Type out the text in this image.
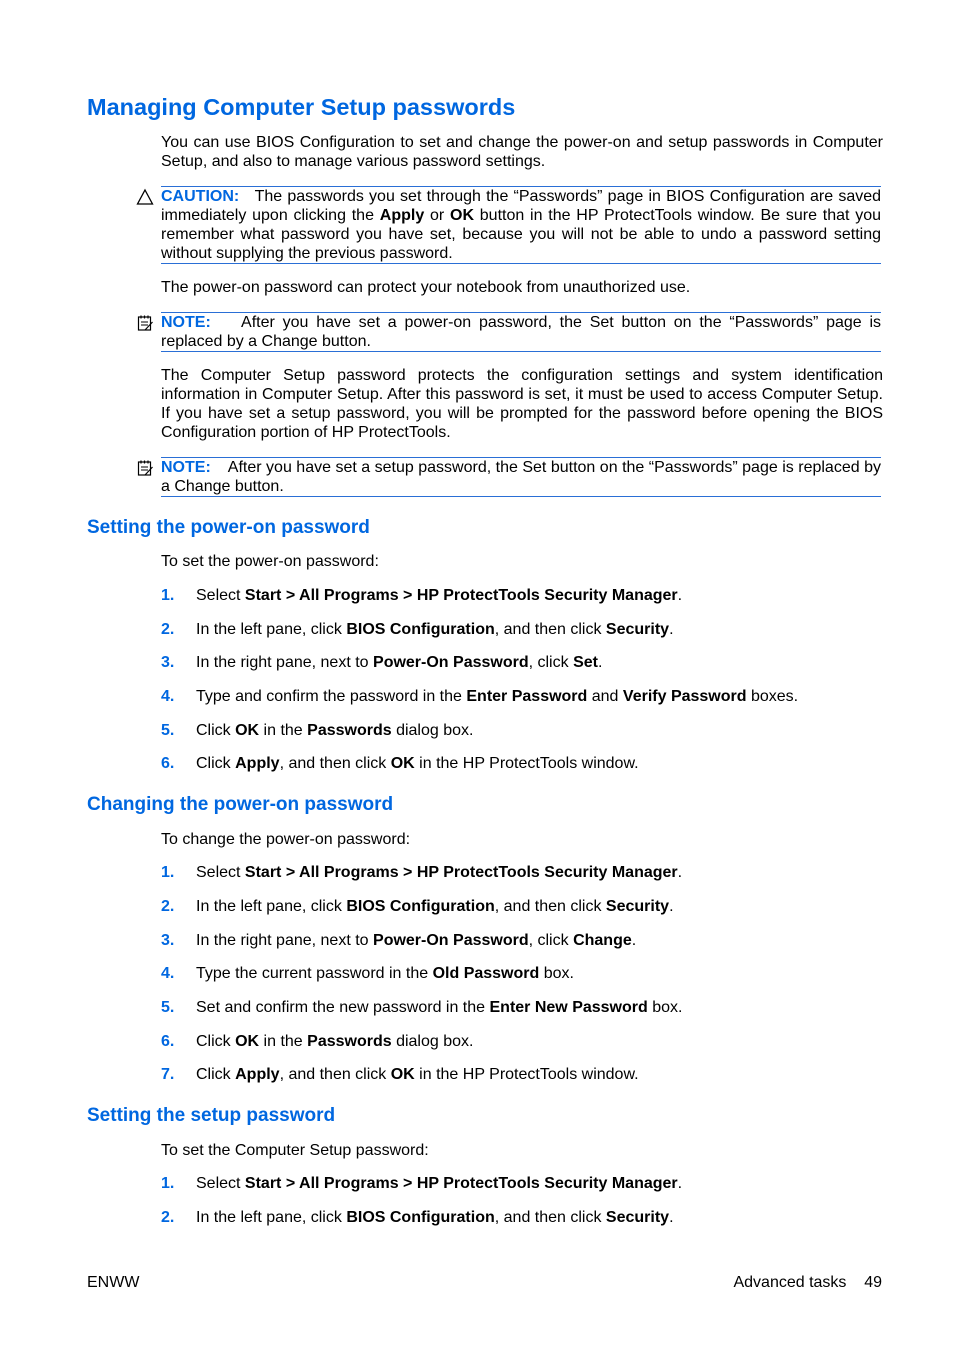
Managing Computer Setup passwords

You can use BIOS Configuration to set and change the power-on and setup passwords in Computer Setup, and also to manage various password settings.

CAUTION: The passwords you set through the “Passwords” page in BIOS Configuration are saved immediately upon clicking the Apply or OK button in the HP ProtectTools window. Be sure that you remember what password you have set, because you will not be able to undo a password setting without supplying the previous password.

The power-on password can protect your notebook from unauthorized use.

NOTE: After you have set a power-on password, the Set button on the “Passwords” page is replaced by a Change button.

The Computer Setup password protects the configuration settings and system identification information in Computer Setup. After this password is set, it must be used to access Computer Setup. If you have set a setup password, you will be prompted for the password before opening the BIOS Configuration portion of HP ProtectTools.

NOTE: After you have set a setup password, the Set button on the “Passwords” page is replaced by a Change button.
Setting the power-on password

To set the power-on password:

1. Select Start > All Programs > HP ProtectTools Security Manager.
2. In the left pane, click BIOS Configuration, and then click Security.
3. In the right pane, next to Power-On Password, click Set.
4. Type and confirm the password in the Enter Password and Verify Password boxes.
5. Click OK in the Passwords dialog box.
6. Click Apply, and then click OK in the HP ProtectTools window.
Changing the power-on password

To change the power-on password:

1. Select Start > All Programs > HP ProtectTools Security Manager.
2. In the left pane, click BIOS Configuration, and then click Security.
3. In the right pane, next to Power-On Password, click Change.
4. Type the current password in the Old Password box.
5. Set and confirm the new password in the Enter New Password box.
6. Click OK in the Passwords dialog box.
7. Click Apply, and then click OK in the HP ProtectTools window.
Setting the setup password

To set the Computer Setup password:

1. Select Start > All Programs > HP ProtectTools Security Manager.
2. In the left pane, click BIOS Configuration, and then click Security.
ENWW	Advanced tasks 49
